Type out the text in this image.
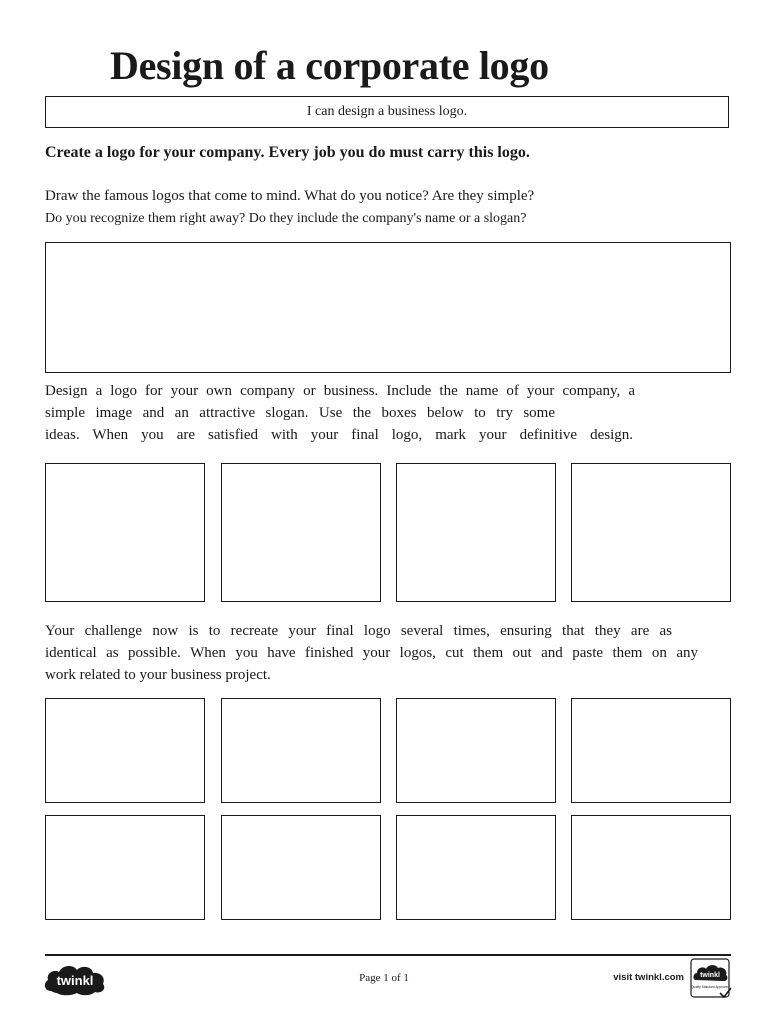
Design of a corporate logo
I can design a business logo.

Create a logo for your company. Every job you do must carry this logo.

Draw the famous logos that come to mind. What do you notice? Are they simple?

Do you recognize them right away? Do they include the company's name or a slogan?

Design a logo for your own company or business. Include the name of your company, a

simple image and an attractive slogan. Use the boxes below to try some

ideas. When you are satisfied with your final logo, mark your definitive design.

Your challenge now is to recreate your final logo several times, ensuring that they are as

identical as possible. When you have finished your logos, cut them out and paste them on any

work related to your business project.

twinkl	Page 1 of 1	visit twinkl.com twinkl
Quality Standard Approved
